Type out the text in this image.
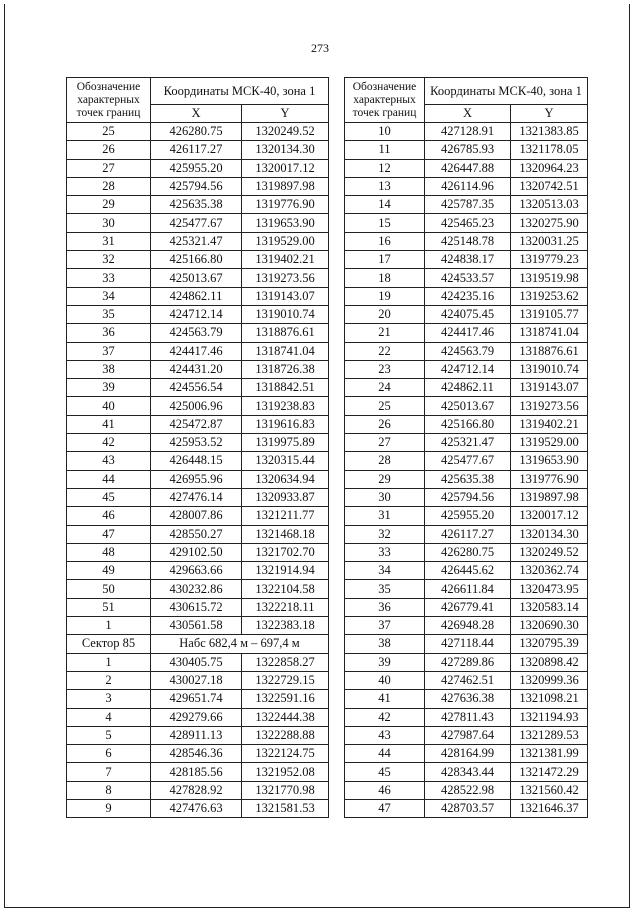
273
Обозначение характерных точек границ	Координаты МСК-40, зона 1	
	X	Y
25	426280.75	1320249.52
26	426117.27	1320134.30
27	425955.20	1320017.12
28	425794.56	1319897.98
29	425635.38	1319776.90
30	425477.67	1319653.90
31	425321.47	1319529.00
32	425166.80	1319402.21
33	425013.67	1319273.56
34	424862.11	1319143.07
35	424712.14	1319010.74
36	424563.79	1318876.61
37	424417.46	1318741.04
38	424431.20	1318726.38
39	424556.54	1318842.51
40	425006.96	1319238.83
41	425472.87	1319616.83
42	425953.52	1319975.89
43	426448.15	1320315.44
44	426955.96	1320634.94
45	427476.14	1320933.87
46	428007.86	1321211.77
47	428550.27	1321468.18
48	429102.50	1321702.70
49	429663.66	1321914.94
50	430232.86	1322104.58
51	430615.72	1322218.11
1	430561.58	1322383.18
Сектор 85	Набс 682,4 м – 697,4 м	
1	430405.75	1322858.27
2	430027.18	1322729.15
3	429651.74	1322591.16
4	429279.66	1322444.38
5	428911.13	1322288.88
6	428546.36	1322124.75
7	428185.56	1321952.08
8	427828.92	1321770.98
9	427476.63	1321581.53
Обозначение характерных точек границ	Координаты МСК-40, зона 1	
	X	Y
10	427128.91	1321383.85
11	426785.93	1321178.05
12	426447.88	1320964.23
13	426114.96	1320742.51
14	425787.35	1320513.03
15	425465.23	1320275.90
16	425148.78	1320031.25
17	424838.17	1319779.23
18	424533.57	1319519.98
19	424235.16	1319253.62
20	424075.45	1319105.77
21	424417.46	1318741.04
22	424563.79	1318876.61
23	424712.14	1319010.74
24	424862.11	1319143.07
25	425013.67	1319273.56
26	425166.80	1319402.21
27	425321.47	1319529.00
28	425477.67	1319653.90
29	425635.38	1319776.90
30	425794.56	1319897.98
31	425955.20	1320017.12
32	426117.27	1320134.30
33	426280.75	1320249.52
34	426445.62	1320362.74
35	426611.84	1320473.95
36	426779.41	1320583.14
37	426948.28	1320690.30
38	427118.44	1320795.39
39	427289.86	1320898.42
40	427462.51	1320999.36
41	427636.38	1321098.21
42	427811.43	1321194.93
43	427987.64	1321289.53
44	428164.99	1321381.99
45	428343.44	1321472.29
46	428522.98	1321560.42
47	428703.57	1321646.37
